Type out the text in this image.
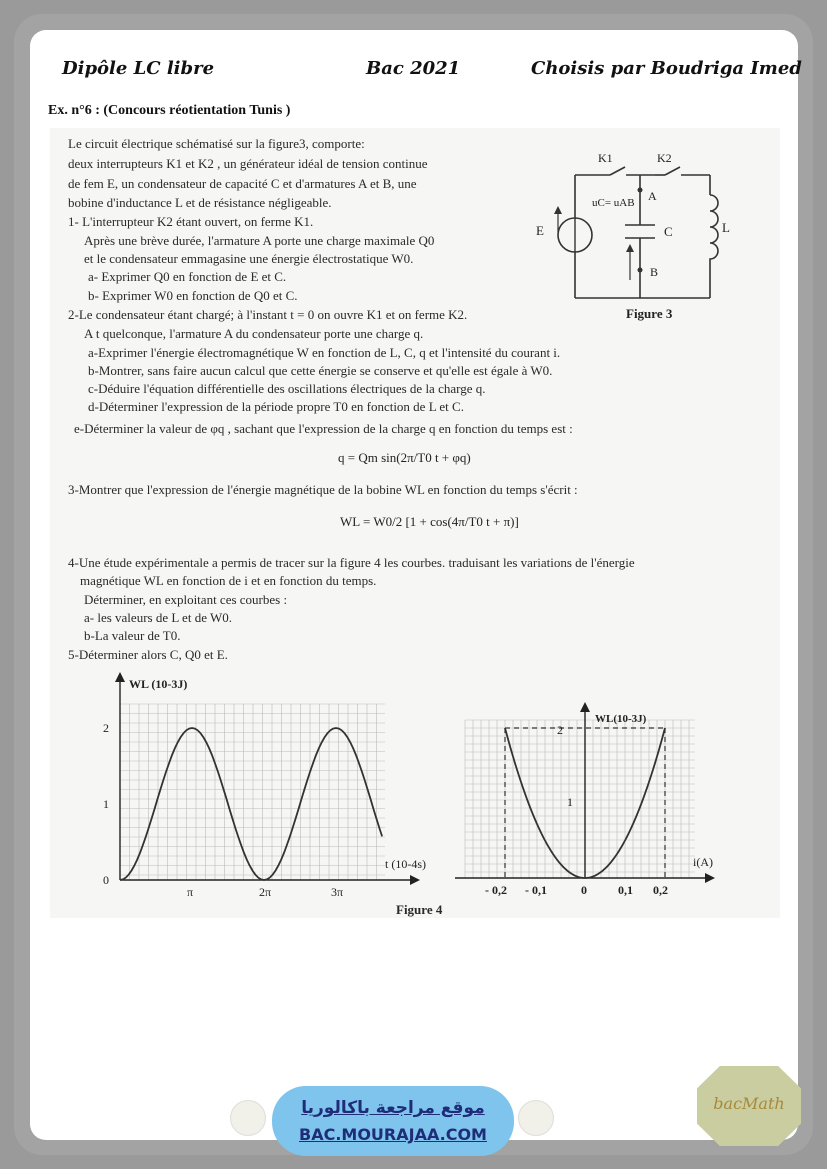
Dipôle LC libre	Bac 2021	Choisis par Boudriga Imed
Ex. n°6 : (Concours réotientation Tunis )
Le circuit électrique schématisé sur la figure3, comporte:
deux interrupteurs K1 et K2 , un générateur idéal de tension continue
de fem E, un condensateur de capacité C et d'armatures A et B, une
bobine d'inductance L et de résistance négligeable.
1- L'interrupteur K2 étant ouvert, on ferme K1.
Après une brève durée, l'armature A porte une charge maximale Q0
et le condensateur emmagasine une énergie électrostatique W0.
a- Exprimer Q0 en fonction de E et C.
b- Exprimer W0 en fonction de Q0 et C.
2-Le condensateur étant chargé; à l'instant t = 0 on ouvre K1 et on ferme K2.
A t quelconque, l'armature A du condensateur porte une charge q.
a-Exprimer l'énergie électromagnétique W en fonction de L, C, q et l'intensité du courant i.
b-Montrer, sans faire aucun calcul que cette énergie se conserve et qu'elle est égale à W0.
c-Déduire l'équation différentielle des oscillations électriques de la charge q.
d-Déterminer l'expression de la période propre T0 en fonction de L et C.
e-Déterminer la valeur de φq , sachant que l'expression de la charge q en fonction du temps est :
q = Qm sin(2π/T0 t + φq)
3-Montrer que l'expression de l'énergie magnétique de la bobine WL en fonction du temps s'écrit :
WL = W0/2 [1 + cos(4π/T0 t + π)]
4-Une étude expérimentale a permis de tracer sur la figure 4 les courbes. traduisant les variations de l'énergie
magnétique WL en fonction de i et en fonction du temps.
Déterminer, en exploitant ces courbes :
a- les valeurs de L et de W0.
b-La valeur de T0.
5-Déterminer alors C, Q0 et E.
K1	K2
uC= uAB A
B
E	C	L
Figure 3
WL (10-3J)
t (10-4s)
0
1
2
π	2π	3π
WL(10-3J)
i(A)
2
1
- 0,2 - 0,1	0	0,1 0,2
Figure 4
موقع مراجعة باكالوريا
BAC.MOURAJAA.COM
bacMath
